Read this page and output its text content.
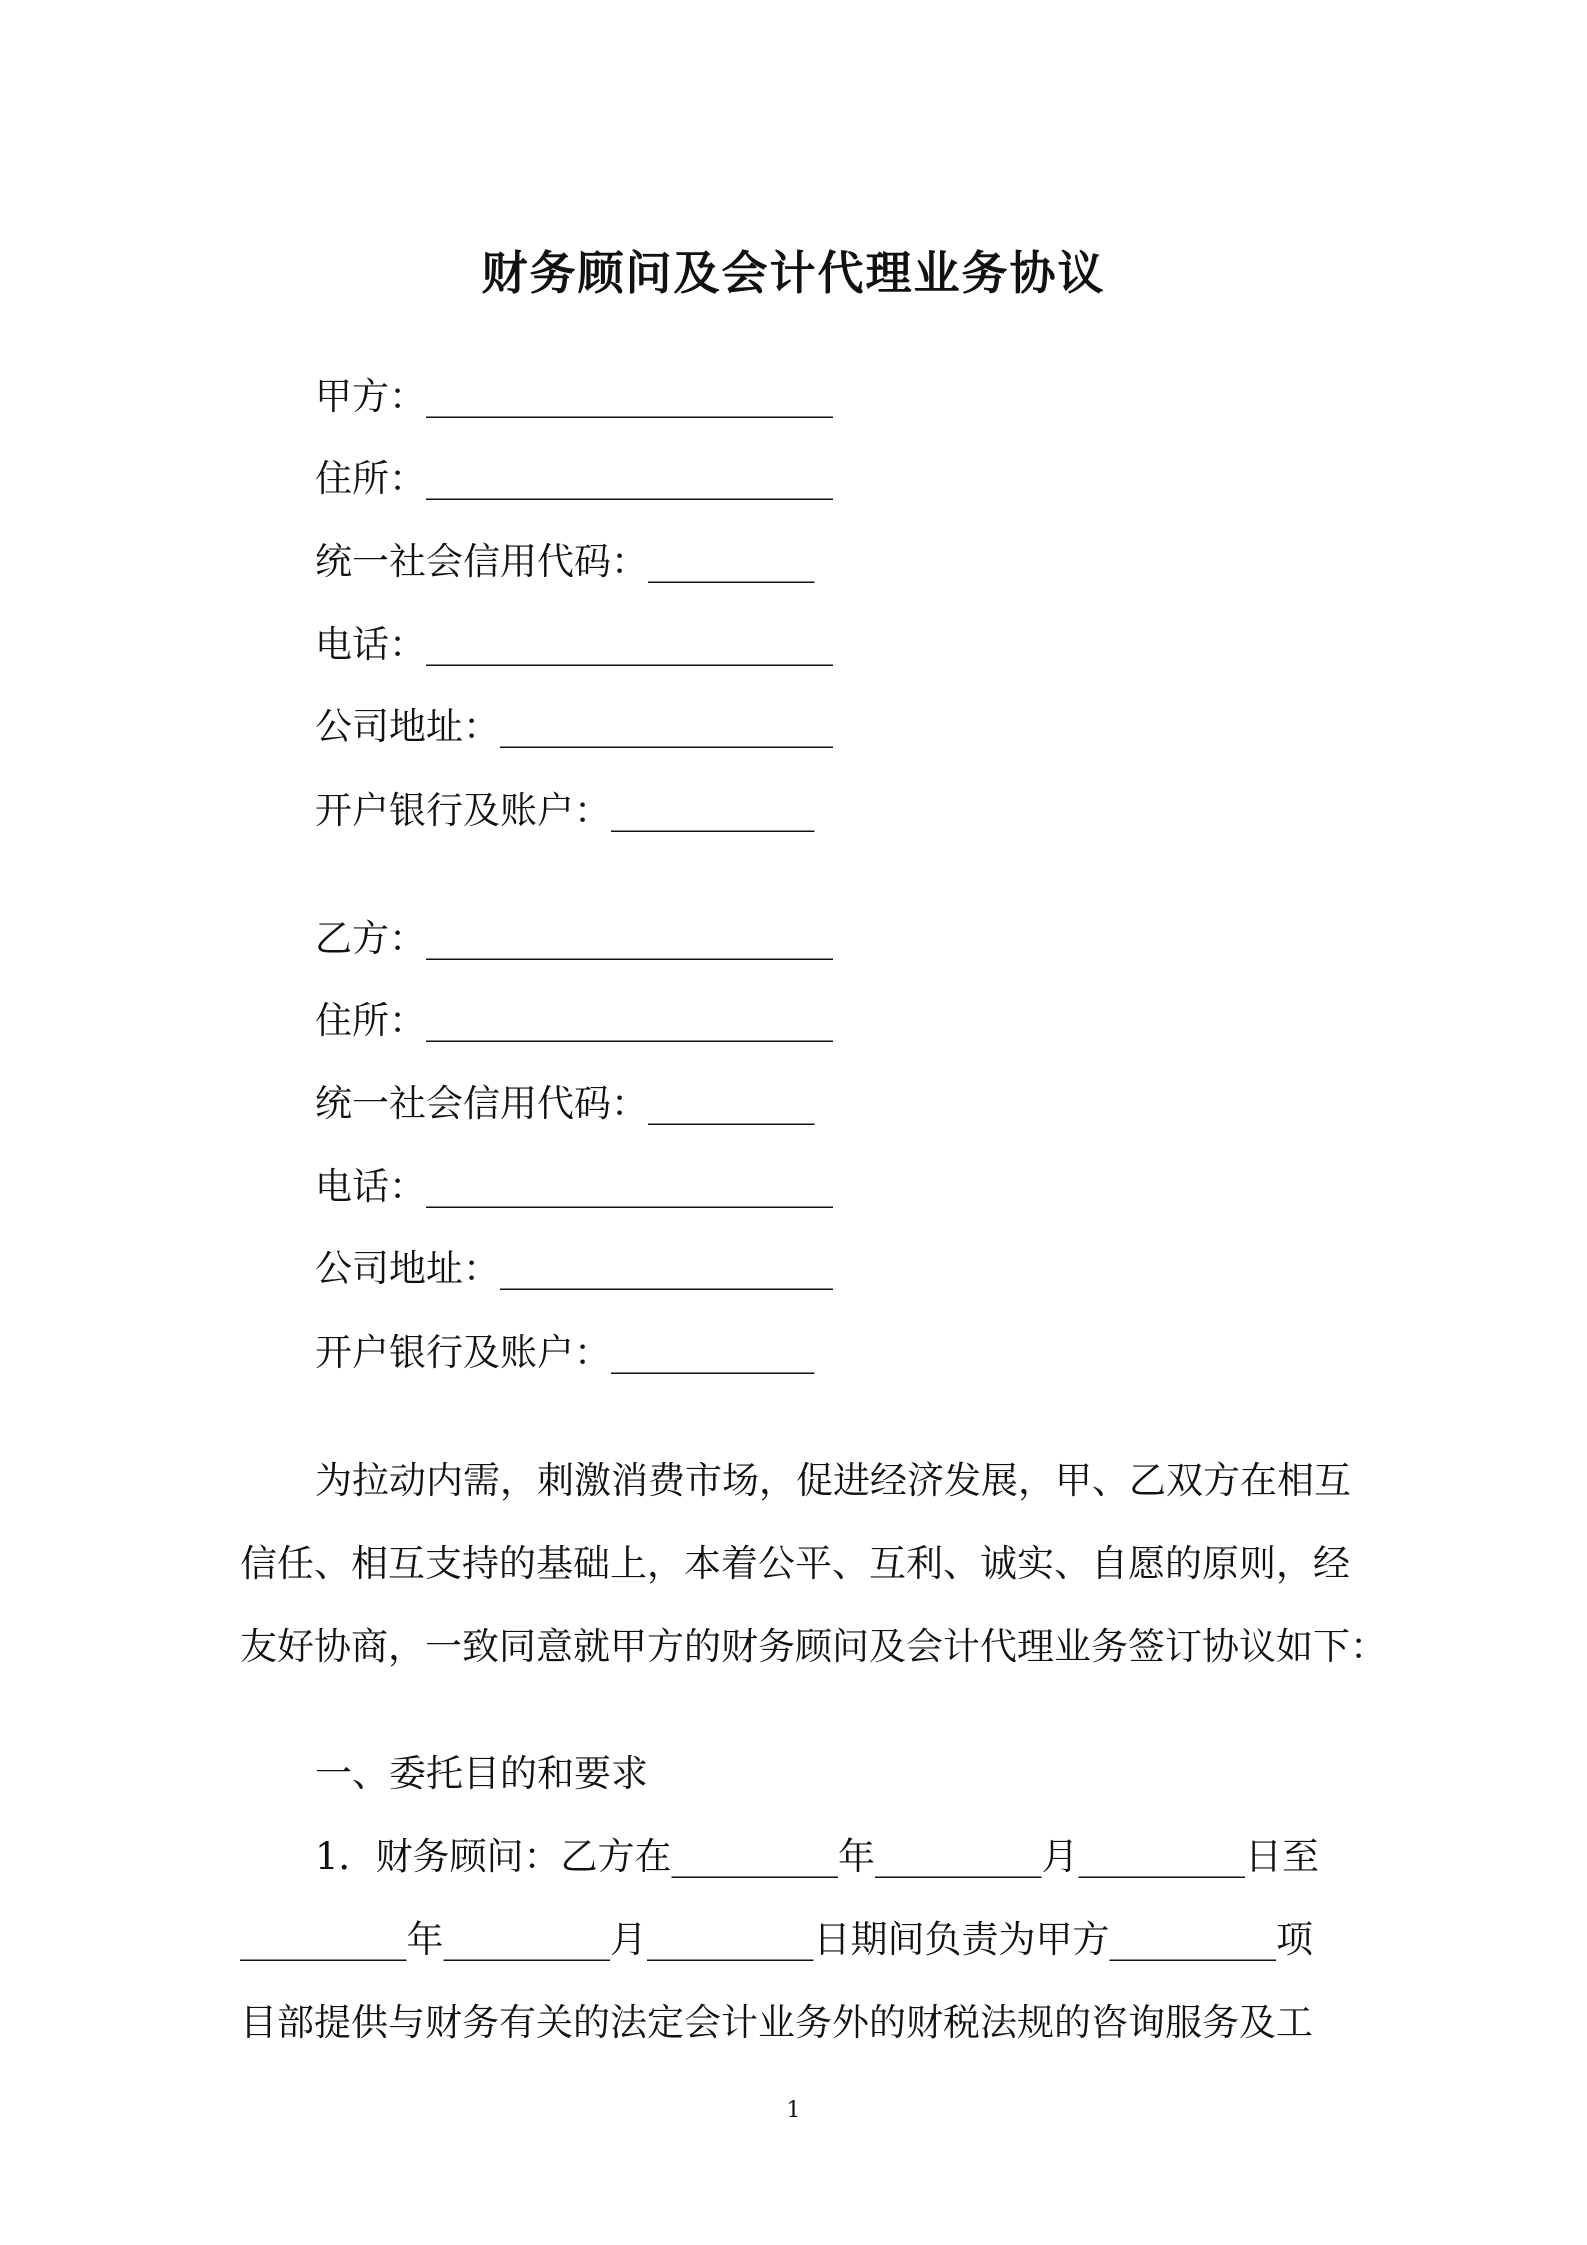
财务顾问及会计代理业务协议
甲方：______________________
住所：______________________
统一社会信用代码：_________
电话：______________________
公司地址：__________________
开户银行及账户：___________
乙方：______________________
住所：______________________
统一社会信用代码：_________
电话：______________________
公司地址：__________________
开户银行及账户：___________
为拉动内需，刺激消费市场，促进经济发展，甲、乙双方在相互
信任、相互支持的基础上，本着公平、互利、诚实、自愿的原则，经
友好协商，一致同意就甲方的财务顾问及会计代理业务签订协议如下：
一、委托目的和要求
1．财务顾问：乙方在_________年_________月_________日至
_________年_________月_________日期间负责为甲方_________项
目部提供与财务有关的法定会计业务外的财税法规的咨询服务及工
1
